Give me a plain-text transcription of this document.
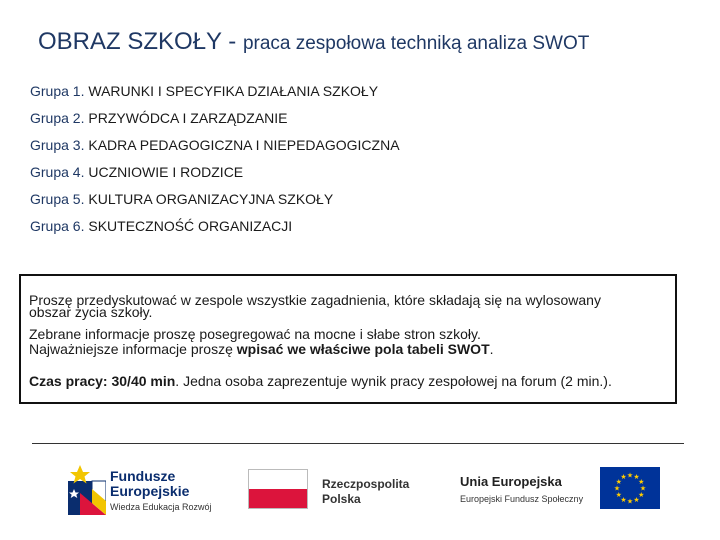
OBRAZ SZKOŁY - praca zespołowa techniką analiza SWOT
Grupa 1. WARUNKI I SPECYFIKA DZIAŁANIA SZKOŁY
Grupa 2. PRZYWÓDCA I ZARZĄDZANIE
Grupa 3. KADRA PEDAGOGICZNA I NIEPEDAGOGICZNA
Grupa 4. UCZNIOWIE I RODZICE
Grupa 5. KULTURA ORGANIZACYJNA SZKOŁY
Grupa 6. SKUTECZNOŚĆ ORGANIZACJI

Proszę przedyskutować w zespole wszystkie zagadnienia, które składają się na wylosowany

obszar życia szkoły.

Zebrane informacje proszę posegregować na mocne i słabe stron szkoły.

Najważniejsze informacje proszę wpisać we właściwe pola tabeli SWOT.

Czas pracy: 30/40 min. Jedna osoba zaprezentuje wynik pracy zespołowej na forum (2 min.).

Fundusze
Europejskie
Wiedza Edukacja Rozwój
Rzeczpospolita
Polska
Unia Europejska
Europejski Fundusz Społeczny
★ ★
★
★
★
★
★
★
★
★
★
★
